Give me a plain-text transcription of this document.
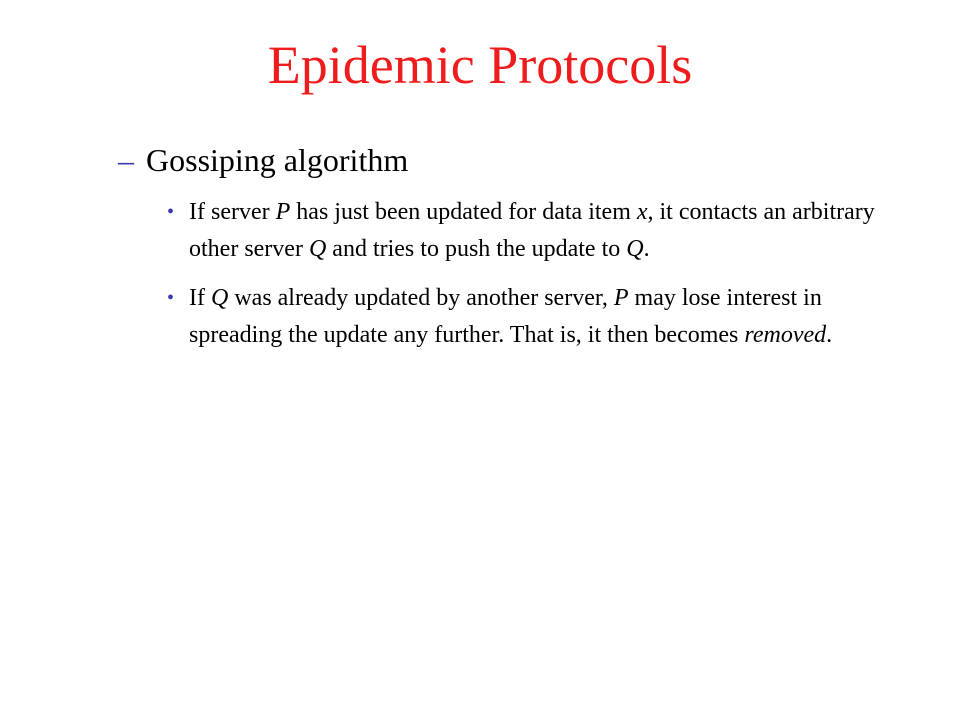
Epidemic Protocols

– Gossiping algorithm

• If server P has just been updated for data item x, it contacts an arbitrary other server Q and tries to push the update to Q.
• If Q was already updated by another server, P may lose interest in spreading the update any further. That is, it then becomes removed.
